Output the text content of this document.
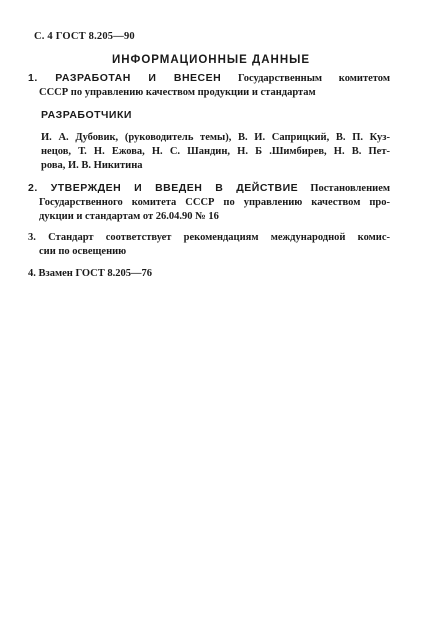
С. 4 ГОСТ 8.205—90
ИНФОРМАЦИОННЫЕ ДАННЫЕ
1. РАЗРАБОТАН И ВНЕСЕН Государственным комитетом
СССР по управлению качеством продукции и стандартам
РАЗРАБОТЧИКИ
И. А. Дубовик, (руководитель темы), В. И. Саприцкий, В. П. Куз-
нецов, Т. Н. Ежова, Н. С. Шандин, Н. Б .Шимбирев, Н. В. Пет-
рова, И. В. Никитина
2. УТВЕРЖДЕН И ВВЕДЕН В ДЕЙСТВИЕ Постановлением
Государственного комитета СССР по управлению качеством про-
дукции и стандартам от 26.04.90 № 16
3. Стандарт соответствует рекомендациям международной комис-
сии по освещению
4. Взамен ГОСТ 8.205—76
